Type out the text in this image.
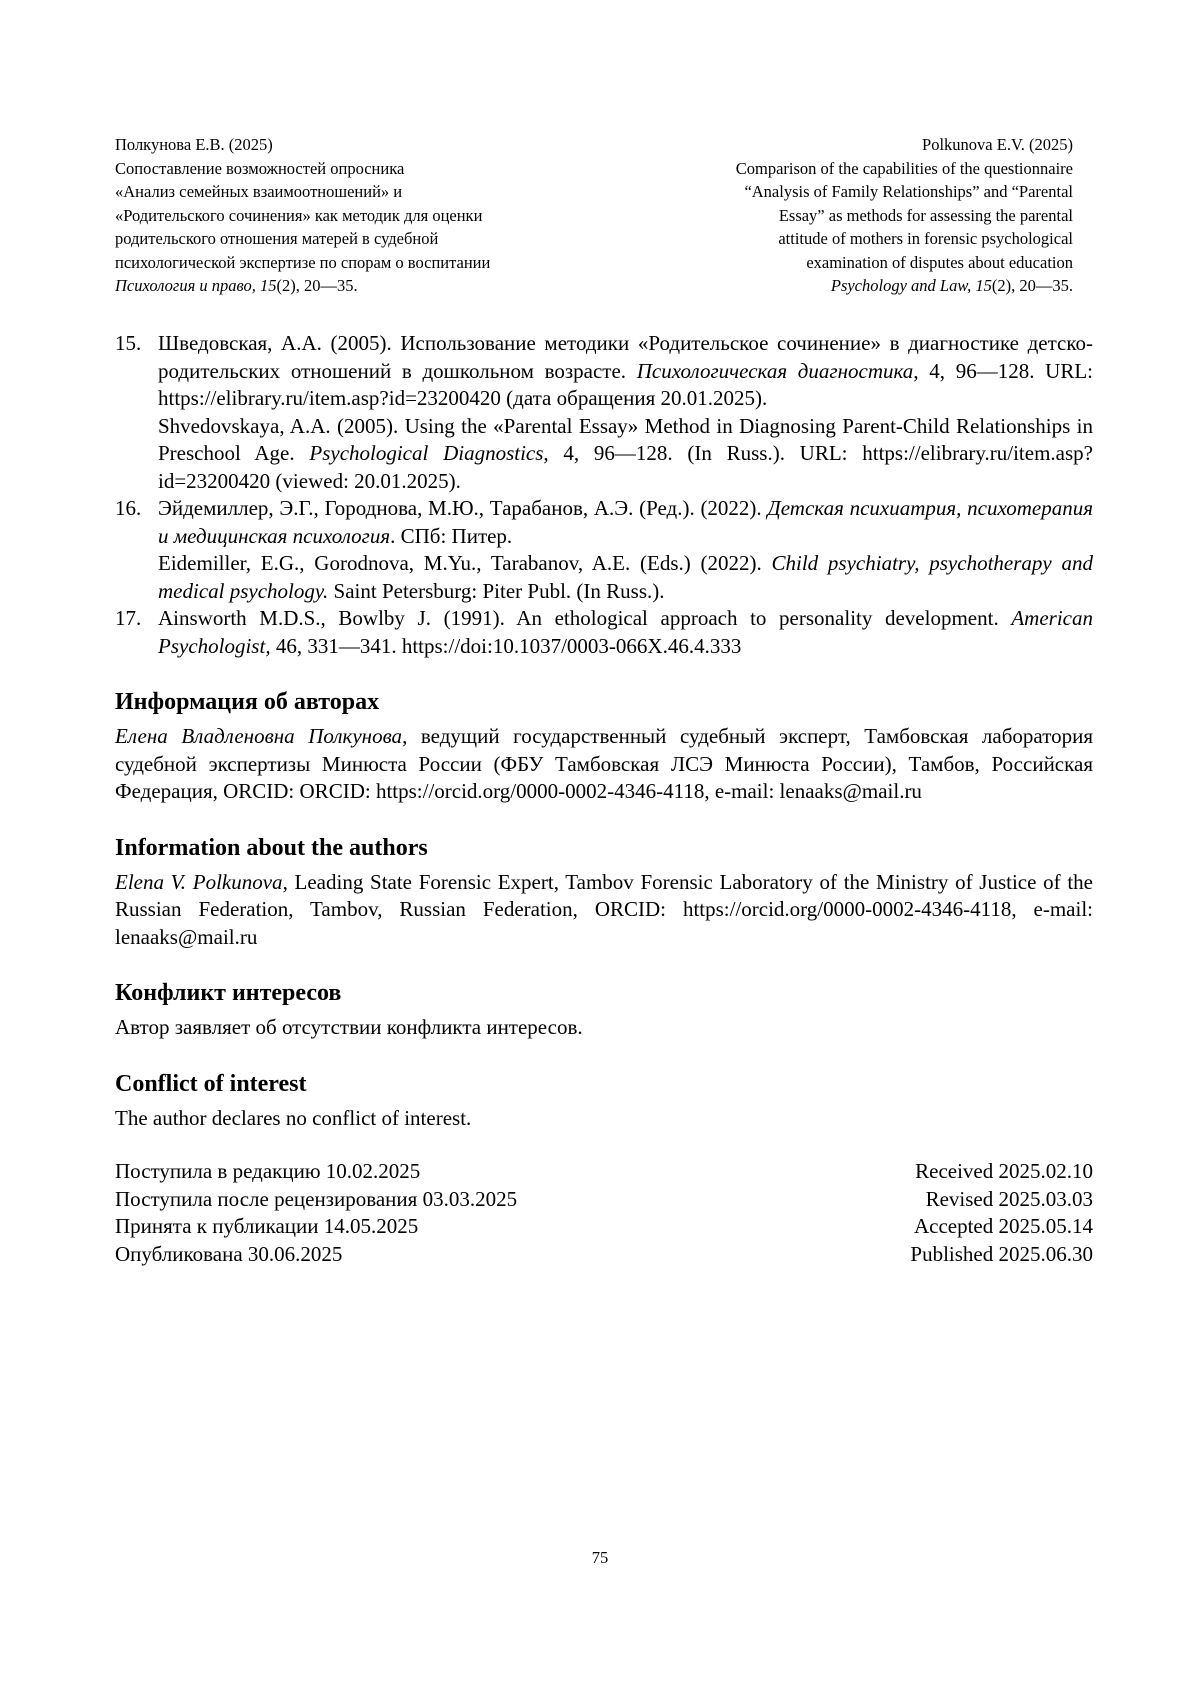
Полкунова Е.В. (2025)
Сопоставление возможностей опросника
«Анализ семейных взаимоотношений» и
«Родительского сочинения» как методик для оценки
родительского отношения матерей в судебной
психологической экспертизе по спорам о воспитании
Психология и право, 15(2), 20—35.
Polkunova E.V. (2025)
Comparison of the capabilities of the questionnaire
“Analysis of Family Relationships” and “Parental
Essay” as methods for assessing the parental
attitude of mothers in forensic psychological
examination of disputes about education
Psychology and Law, 15(2), 20—35.
15. Шведовская, А.А. (2005). Использование методики «Родительское сочинение» в диагностике детско-родительских отношений в дошкольном возрасте. Психологическая диагностика, 4, 96—128. URL: https://elibrary.ru/item.asp?id=23200420 (дата обращения 20.01.2025).

Shvedovskaya, A.A. (2005). Using the «Parental Essay» Method in Diagnosing Parent-Child Relationships in Preschool Age. Psychological Diagnostics, 4, 96—128. (In Russ.). URL: https://elibrary.ru/item.asp?id=23200420 (viewed: 20.01.2025).

16. Эйдемиллер, Э.Г., Городнова, М.Ю., Тарабанов, А.Э. (Ред.). (2022). Детская психиатрия, психотерапия и медицинская психология. СПб: Питер.

Eidemiller, E.G., Gorodnova, M.Yu., Tarabanov, A.E. (Eds.) (2022). Child psychiatry, psychotherapy and medical psychology. Saint Petersburg: Piter Publ. (In Russ.).

17. Ainsworth M.D.S., Bowlby J. (1991). An ethological approach to personality development. American Psychologist, 46, 331—341. https://doi:10.1037/0003-066X.46.4.333

Информация об авторах

Елена Владленовна Полкунова, ведущий государственный судебный эксперт, Тамбовская лаборатория судебной экспертизы Минюста России (ФБУ Тамбовская ЛСЭ Минюста России), Тамбов, Российская Федерация, ORCID: ORCID: https://orcid.org/0000-0002-4346-4118, e-mail: lenaaks@mail.ru

Information about the authors

Elena V. Polkunova, Leading State Forensic Expert, Tambov Forensic Laboratory of the Ministry of Justice of the Russian Federation, Tambov, Russian Federation, ORCID: https://orcid.org/0000-0002-4346-4118, e-mail: lenaaks@mail.ru

Конфликт интересов

Автор заявляет об отсутствии конфликта интересов.

Conflict of interest

The author declares no conflict of interest.

Поступила в редакцию 10.02.2025
Поступила после рецензирования 03.03.2025
Принята к публикации 14.05.2025
Опубликована 30.06.2025
Received 2025.02.10
Revised 2025.03.03
Accepted 2025.05.14
Published 2025.06.30
75
